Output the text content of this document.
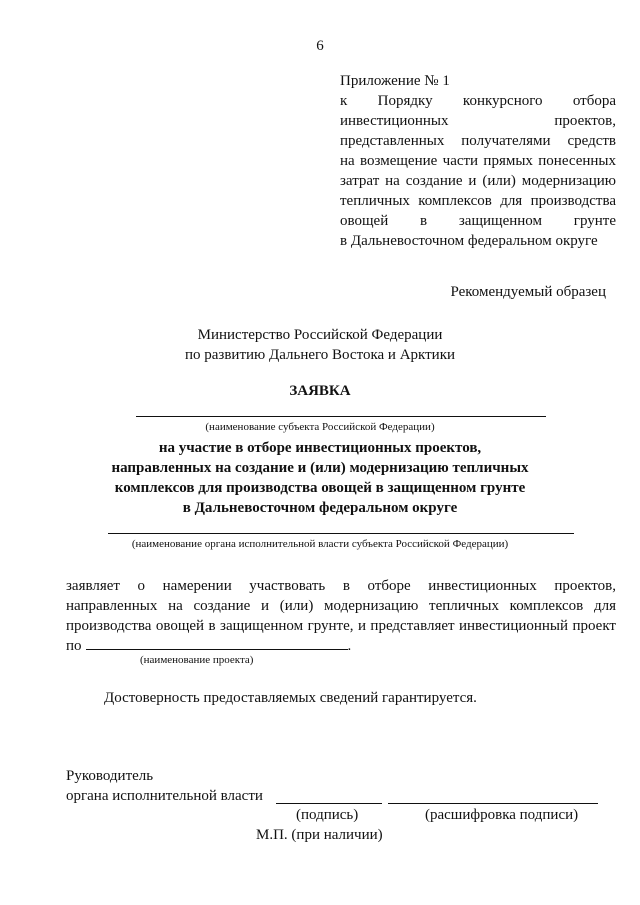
6
Приложение № 1
к Порядку конкурсного отбора
инвестиционных проектов,
представленных получателями средств
на возмещение части прямых понесенных
затрат на создание и (или) модернизацию
тепличных комплексов для производства
овощей в защищенном грунте
в Дальневосточном федеральном округе
Рекомендуемый образец
Министерство Российской Федерации
по развитию Дальнего Востока и Арктики
ЗАЯВКА
(наименование субъекта Российской Федерации)
на участие в отборе инвестиционных проектов,
направленных на создание и (или) модернизацию тепличных
комплексов для производства овощей в защищенном грунте
в Дальневосточном федеральном округе
(наименование органа исполнительной власти субъекта Российской Федерации)
заявляет о намерении участвовать в отборе инвестиционных проектов,
направленных на создание и (или) модернизацию тепличных комплексов для
производства овощей в защищенном грунте, и представляет инвестиционный проект
по	.
(наименование проекта)
Достоверность предоставляемых сведений гарантируется.
Руководитель
органа исполнительной власти
(подпись)	(расшифровка подписи)
М.П. (при наличии)
